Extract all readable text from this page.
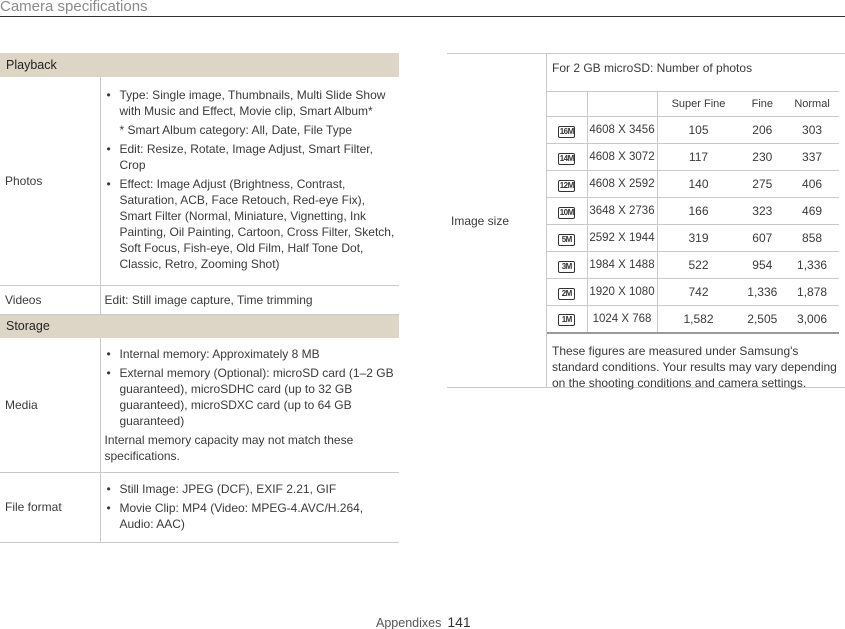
Camera specifications
Playback	
Photos	• Type: Single image, Thumbnails, Multi Slide Show with Music and Effect, Movie clip, Smart Album*
* Smart Album category: All, Date, File Type
• Edit: Resize, Rotate, Image Adjust, Smart Filter, Crop
• Effect: Image Adjust (Brightness, Contrast, Saturation, ACB, Face Retouch, Red-eye Fix), Smart Filter (Normal, Miniature, Vignetting, Ink Painting, Oil Painting, Cartoon, Cross Filter, Sketch, Soft Focus, Fish-eye, Old Film, Half Tone Dot, Classic, Retro, Zooming Shot)

Videos	Edit: Still image capture, Time trimming
Storage	
Media	• Internal memory: Approximately 8 MB
• External memory (Optional): microSD card (1–2 GB guaranteed), microSDHC card (up to 32 GB guaranteed), microSDXC card (up to 64 GB guaranteed)
Internal memory capacity may not match these specifications.

File format	• Still Image: JPEG (DCF), EXIF 2.21, GIF
• Movie Clip: MP4 (Video: MPEG-4.AVC/H.264, Audio: AAC)
Image size
For 2 GB microSD: Number of photos
		Super Fine	Fine	Normal
16M	4608 X 3456	105	206	303
14M	4608 X 3072	117	230	337
12M	4608 X 2592	140	275	406
10M	3648 X 2736	166	323	469
5M	2592 X 1944	319	607	858
3M	1984 X 1488	522	954	1,336
2M	1920 X 1080	742	1,336	1,878
1M	1024 X 768	1,582	2,505	3,006
These figures are measured under Samsung's standard conditions. Your results may vary depending on the shooting conditions and camera settings.
Appendixes 141
